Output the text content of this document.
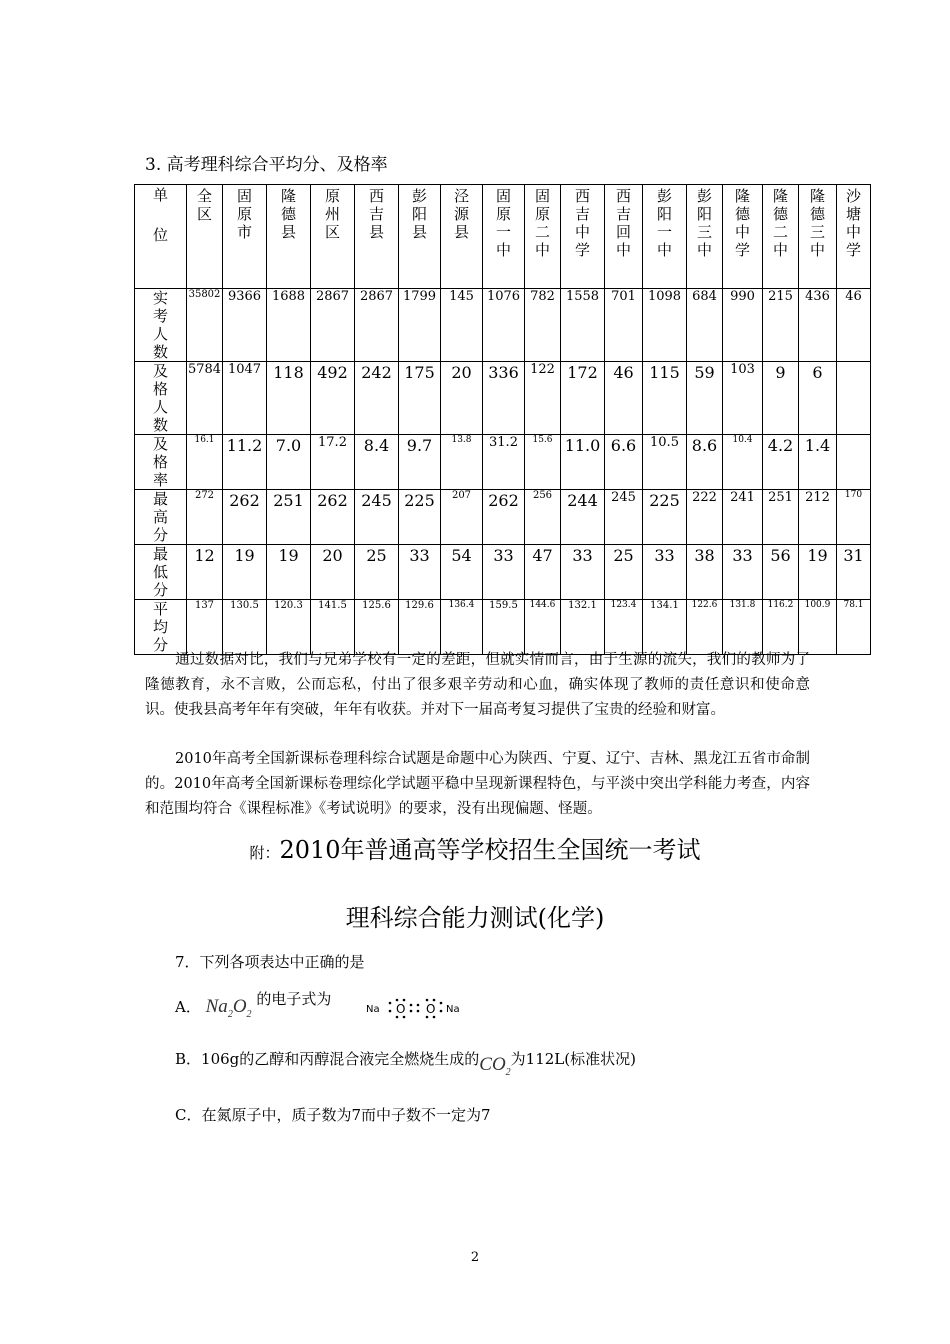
3. 高考理科综合平均分、及格率
单

位	全区	固原市	隆德县	原州区	西吉县	彭阳县	泾源县	固原一中	固原二中	西吉中学	西吉回中	彭阳一中	彭阳三中	隆德中学	隆德二中	隆德三中	沙塘中学

实考人数	35802	9366	1688	2867	2867	1799	145	1076	782	1558	701	1098	684	990	215	436	46

及格人数	5784	1047	118	492	242	175	20	336	122	172	46	115	59	103	9	6	

及格率	16.1	11.2	7.0	17.2	8.4	9.7	13.8	31.2	15.6	11.0	6.6	10.5	8.6	10.4	4.2	1.4	

最高分	272	262	251	262	245	225	207	262	256	244	245	225	222	241	251	212	170

最低分	12	19	19	20	25	33	54	33	47	33	25	33	38	33	56	19	31

平均分	137	130.5	120.3	141.5	125.6	129.6	136.4	159.5	144.6	132.1	123.4	134.1	122.6	131.8	116.2	100.9	78.1
通过数据对比，我们与兄弟学校有一定的差距，但就实情而言，由于生源的流失，我们的教师为了隆德教育，永不言败，公而忘私，付出了很多艰辛劳动和心血，确实体现了教师的责任意识和使命意识。使我县高考年年有突破，年年有收获。并对下一届高考复习提供了宝贵的经验和财富。
2010年高考全国新课标卷理科综合试题是命题中心为陕西、宁夏、辽宁、吉林、黑龙江五省市命制的。2010年高考全国新课标卷理综化学试题平稳中呈现新课程特色，与平淡中突出学科能力考查，内容和范围均符合《课程标准》《考试说明》的要求，没有出现偏题、怪题。
附：2010年普通高等学校招生全国统一考试
理科综合能力测试(化学)
7．下列各项表达中正确的是
A． $Na_2O_2$ 的电子式为
Na O O Na
B．106g的乙醇和丙醇混合液完全燃烧生成的$CO_2$为112L(标准状况)
C．在氮原子中，质子数为7而中子数不一定为7
2
